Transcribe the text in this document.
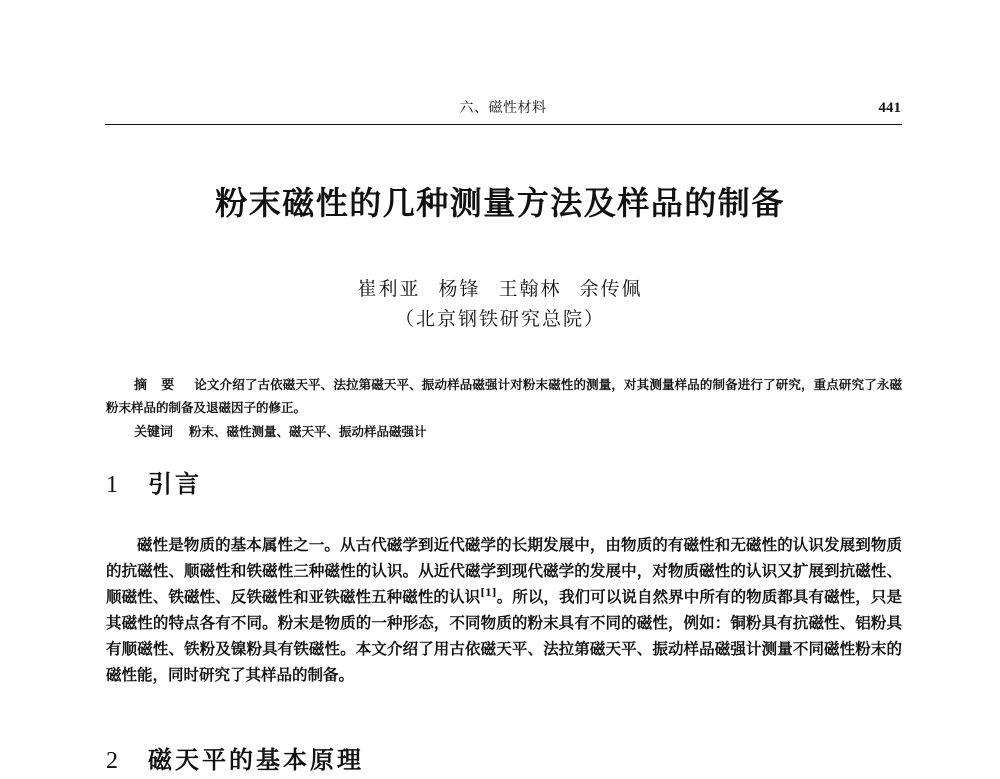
六、磁性材料	441
粉末磁性的几种测量方法及样品的制备
崔利亚 杨锋 王翰林 余传佩
（北京钢铁研究总院）
摘要 论文介绍了古依磁天平、法拉第磁天平、振动样品磁强计对粉末磁性的测量，对其测量样品的制备进行了研究，重点研究了永磁粉末样品的制备及退磁因子的修正。
关键词 粉末、磁性测量、磁天平、振动样品磁强计
1 引言

磁性是物质的基本属性之一。从古代磁学到近代磁学的长期发展中，由物质的有磁性和无磁性的认识发展到物质的抗磁性、顺磁性和铁磁性三种磁性的认识。从近代磁学到现代磁学的发展中，对物质磁性的认识又扩展到抗磁性、顺磁性、铁磁性、反铁磁性和亚铁磁性五种磁性的认识[1]。所以，我们可以说自然界中所有的物质都具有磁性，只是其磁性的特点各有不同。粉末是物质的一种形态，不同物质的粉末具有不同的磁性，例如：铜粉具有抗磁性、铝粉具有顺磁性、铁粉及镍粉具有铁磁性。本文介绍了用古依磁天平、法拉第磁天平、振动样品磁强计测量不同磁性粉末的磁性能，同时研究了其样品的制备。

2 磁天平的基本原理
